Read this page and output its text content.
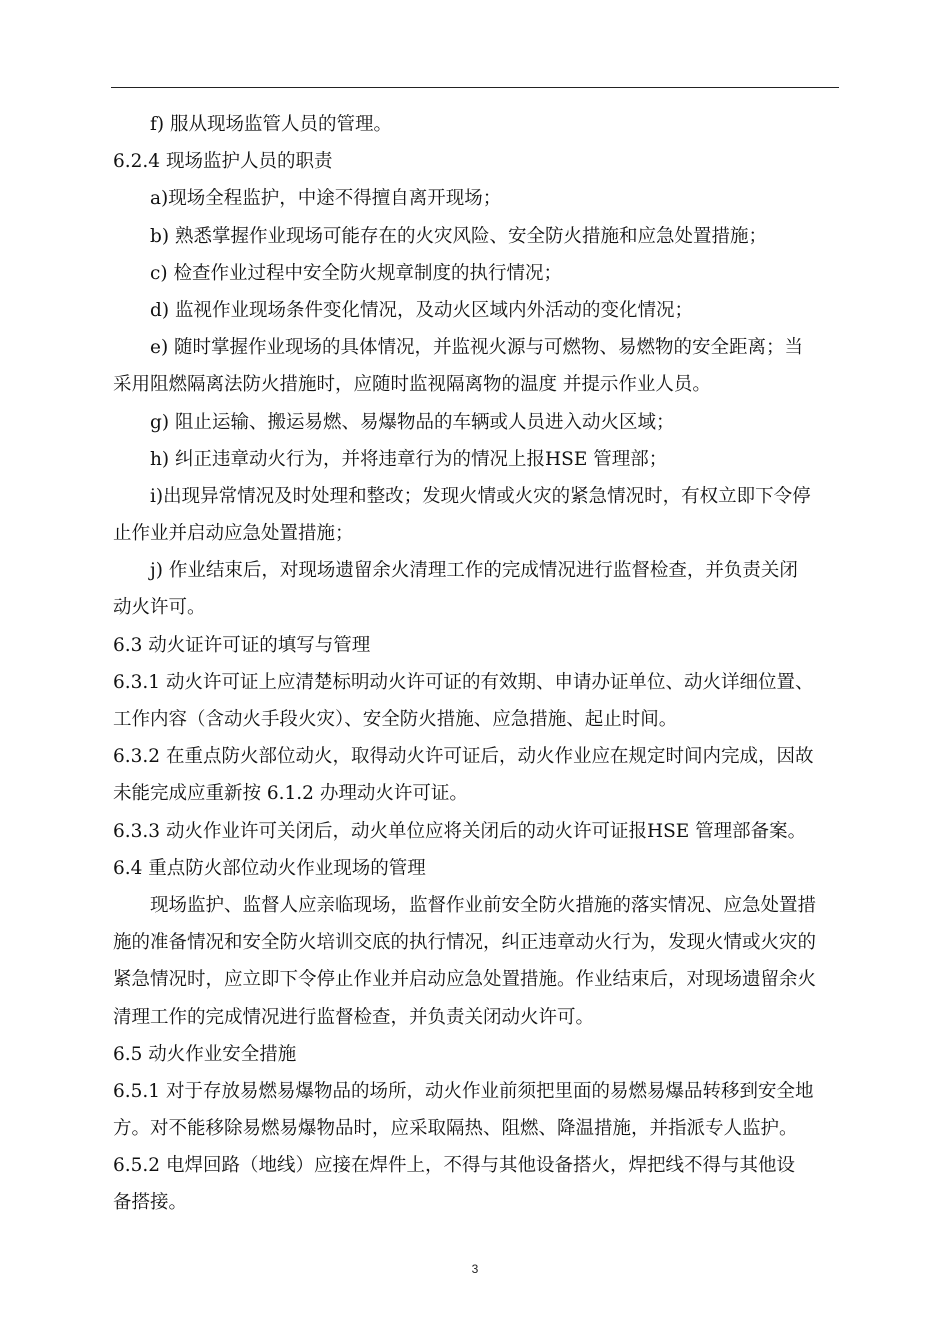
f) 服从现场监管人员的管理。
6.2.4 现场监护人员的职责
a)现场全程监护，中途不得擅自离开现场；
b) 熟悉掌握作业现场可能存在的火灾风险、安全防火措施和应急处置措施；
c) 检查作业过程中安全防火规章制度的执行情况；
d) 监视作业现场条件变化情况，及动火区域内外活动的变化情况；
e) 随时掌握作业现场的具体情况，并监视火源与可燃物、易燃物的安全距离；当
采用阻燃隔离法防火措施时，应随时监视隔离物的温度 并提示作业人员。
g) 阻止运输、搬运易燃、易爆物品的车辆或人员进入动火区域；
h) 纠正违章动火行为，并将违章行为的情况上报HSE 管理部；
i)出现异常情况及时处理和整改；发现火情或火灾的紧急情况时，有权立即下令停
止作业并启动应急处置措施；
j) 作业结束后，对现场遗留余火清理工作的完成情况进行监督检查，并负责关闭
动火许可。
6.3 动火证许可证的填写与管理
6.3.1 动火许可证上应清楚标明动火许可证的有效期、申请办证单位、动火详细位置、
工作内容（含动火手段火灾）、安全防火措施、应急措施、起止时间。
6.3.2 在重点防火部位动火，取得动火许可证后，动火作业应在规定时间内完成，因故
未能完成应重新按 6.1.2 办理动火许可证。
6.3.3 动火作业许可关闭后，动火单位应将关闭后的动火许可证报HSE 管理部备案。
6.4 重点防火部位动火作业现场的管理
现场监护、监督人应亲临现场，监督作业前安全防火措施的落实情况、应急处置措
施的准备情况和安全防火培训交底的执行情况，纠正违章动火行为，发现火情或火灾的
紧急情况时，应立即下令停止作业并启动应急处置措施。作业结束后，对现场遗留余火
清理工作的完成情况进行监督检查，并负责关闭动火许可。
6.5 动火作业安全措施
6.5.1 对于存放易燃易爆物品的场所，动火作业前须把里面的易燃易爆品转移到安全地
方。对不能移除易燃易爆物品时，应采取隔热、阻燃、降温措施，并指派专人监护。
6.5.2 电焊回路（地线）应接在焊件上，不得与其他设备搭火，焊把线不得与其他设
备搭接。
3
